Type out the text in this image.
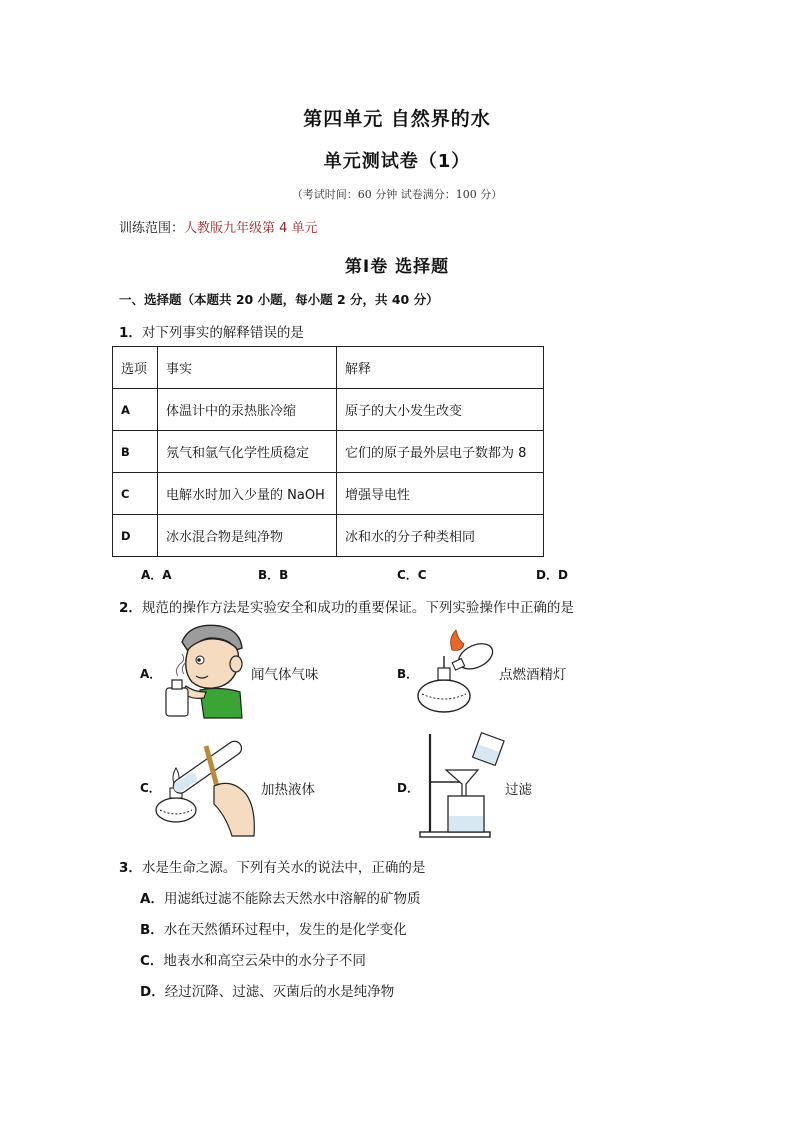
第四单元 自然界的水
单元测试卷（1）
（考试时间：60 分钟 试卷满分：100 分）
训练范围：人教版九年级第 4 单元
第Ⅰ卷 选择题
一、选择题（本题共 20 小题，每小题 2 分，共 40 分）
1．对下列事实的解释错误的是
选项	事实	解释
A	体温计中的汞热胀冷缩	原子的大小发生改变
B	氖气和氩气化学性质稳定	它们的原子最外层电子数都为 8
C	电解水时加入少量的 NaOH	增强导电性
D	冰水混合物是纯净物	冰和水的分子种类相同
A．A	B．B	C．C	D．D
2．规范的操作方法是实验安全和成功的重要保证。下列实验操作中正确的是
A．	闻气体气味	B．	点燃酒精灯
C．	加热液体	D．	过滤
3．水是生命之源。下列有关水的说法中，正确的是
A．用滤纸过滤不能除去天然水中溶解的矿物质
B．水在天然循环过程中，发生的是化学变化
C．地表水和高空云朵中的水分子不同
D．经过沉降、过滤、灭菌后的水是纯净物
